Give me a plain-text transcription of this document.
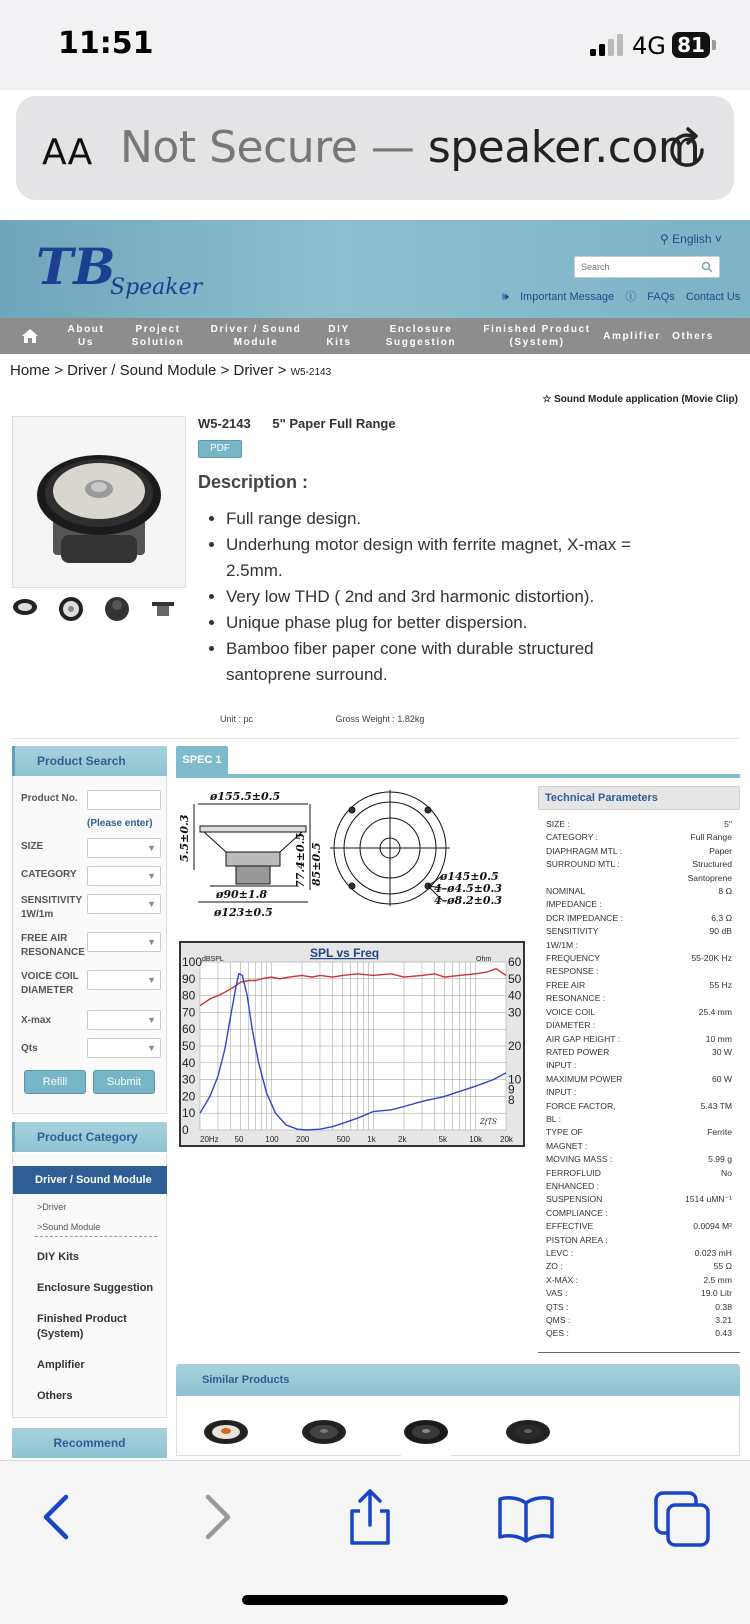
11:51	4G 81
AA Not Secure — speaker.com
TB
Speaker
⚲ English ˅
Search
🕪 Important Message ⓘ FAQs Contact Us
About
Us
Project
Solution
Driver / Sound
Module
DIY
Kits
Enclosure
Suggestion
Finished Product
(System)
Amplifier	Others
Home > Driver / Sound Module > Driver > W5-2143
☆ Sound Module application (Movie Clip)
W5-2143 5" Paper Full Range
PDF
Description :
• Full range design.
• Underhung motor design with ferrite magnet, X-max = 2.5mm.
• Very low THD ( 2nd and 3rd harmonic distortion).
• Unique phase plug for better dispersion.
• Bamboo fiber paper cone with durable structured santoprene surround.
Unit : pc	Gross Weight : 1.82kg
Product Search
Product No.
(Please enter)
SIZE	▼
CATEGORY	▼
SENSITIVITY 1W/1m
▼
FREE AIR RESONANCE
▼
VOICE COIL DIAMETER
▼
X-max	▼
Qts	▼
Refill	Submit
Product Category
Driver / Sound Module
>Driver
>Sound Module
DIY Kits
Enclosure Suggestion
Finished Product (System)
Amplifier
Others
Recommend
SPEC 1
ø155.5±0.5
5.5±0.3	77.4±0.5 85±0.5
ø90±1.8
ø123±0.5
ø145±0.5
4–ø4.5±0.3
4–ø8.2±0.3
0
10
20
30
40
50
60
70
80
90
100	60
50
40
30
20
10
9
8
20Hz 50	100 200	500 1k	2k	5k	10k 20k
SPL vs Freq
dBSPL	Ohm
ZfTS
Technical Parameters
SIZE :	5"
CATEGORY :	Full Range
DIAPHRAGM MTL :	Paper
SURROUND MTL :	Structured
Santoprene
NOMINAL	8 Ω
IMPEDANCE :
DCR IMPEDANCE :	6.3 Ω
SENSITIVITY	90 dB
1W/1M :
FREQUENCY	55-20K Hz
RESPONSE :
FREE AIR	55 Hz
RESONANCE :
VOICE COIL	25.4 mm
DIAMETER :
AIR GAP HEIGHT :	10 mm
RATED POWER	30 W
INPUT :
MAXIMUM POWER	60 W
INPUT :
FORCE FACTOR,	5.43 TM
BL :
TYPE OF	Ferrite
MAGNET :
MOVING MASS :	5.99 g
FERROFLUID	No
ENHANCED :
SUSPENSION	1514 uMN⁻¹
COMPLIANCE :
EFFECTIVE	0.0094 M²
PISTON AREA :
LEVC :	0.023 mH
ZO :	55 Ω
X-MAX :	2.5 mm
VAS :	19.0 Litr
QTS :	0.38
QMS :	3.21
QES :	0.43
Similar Products
